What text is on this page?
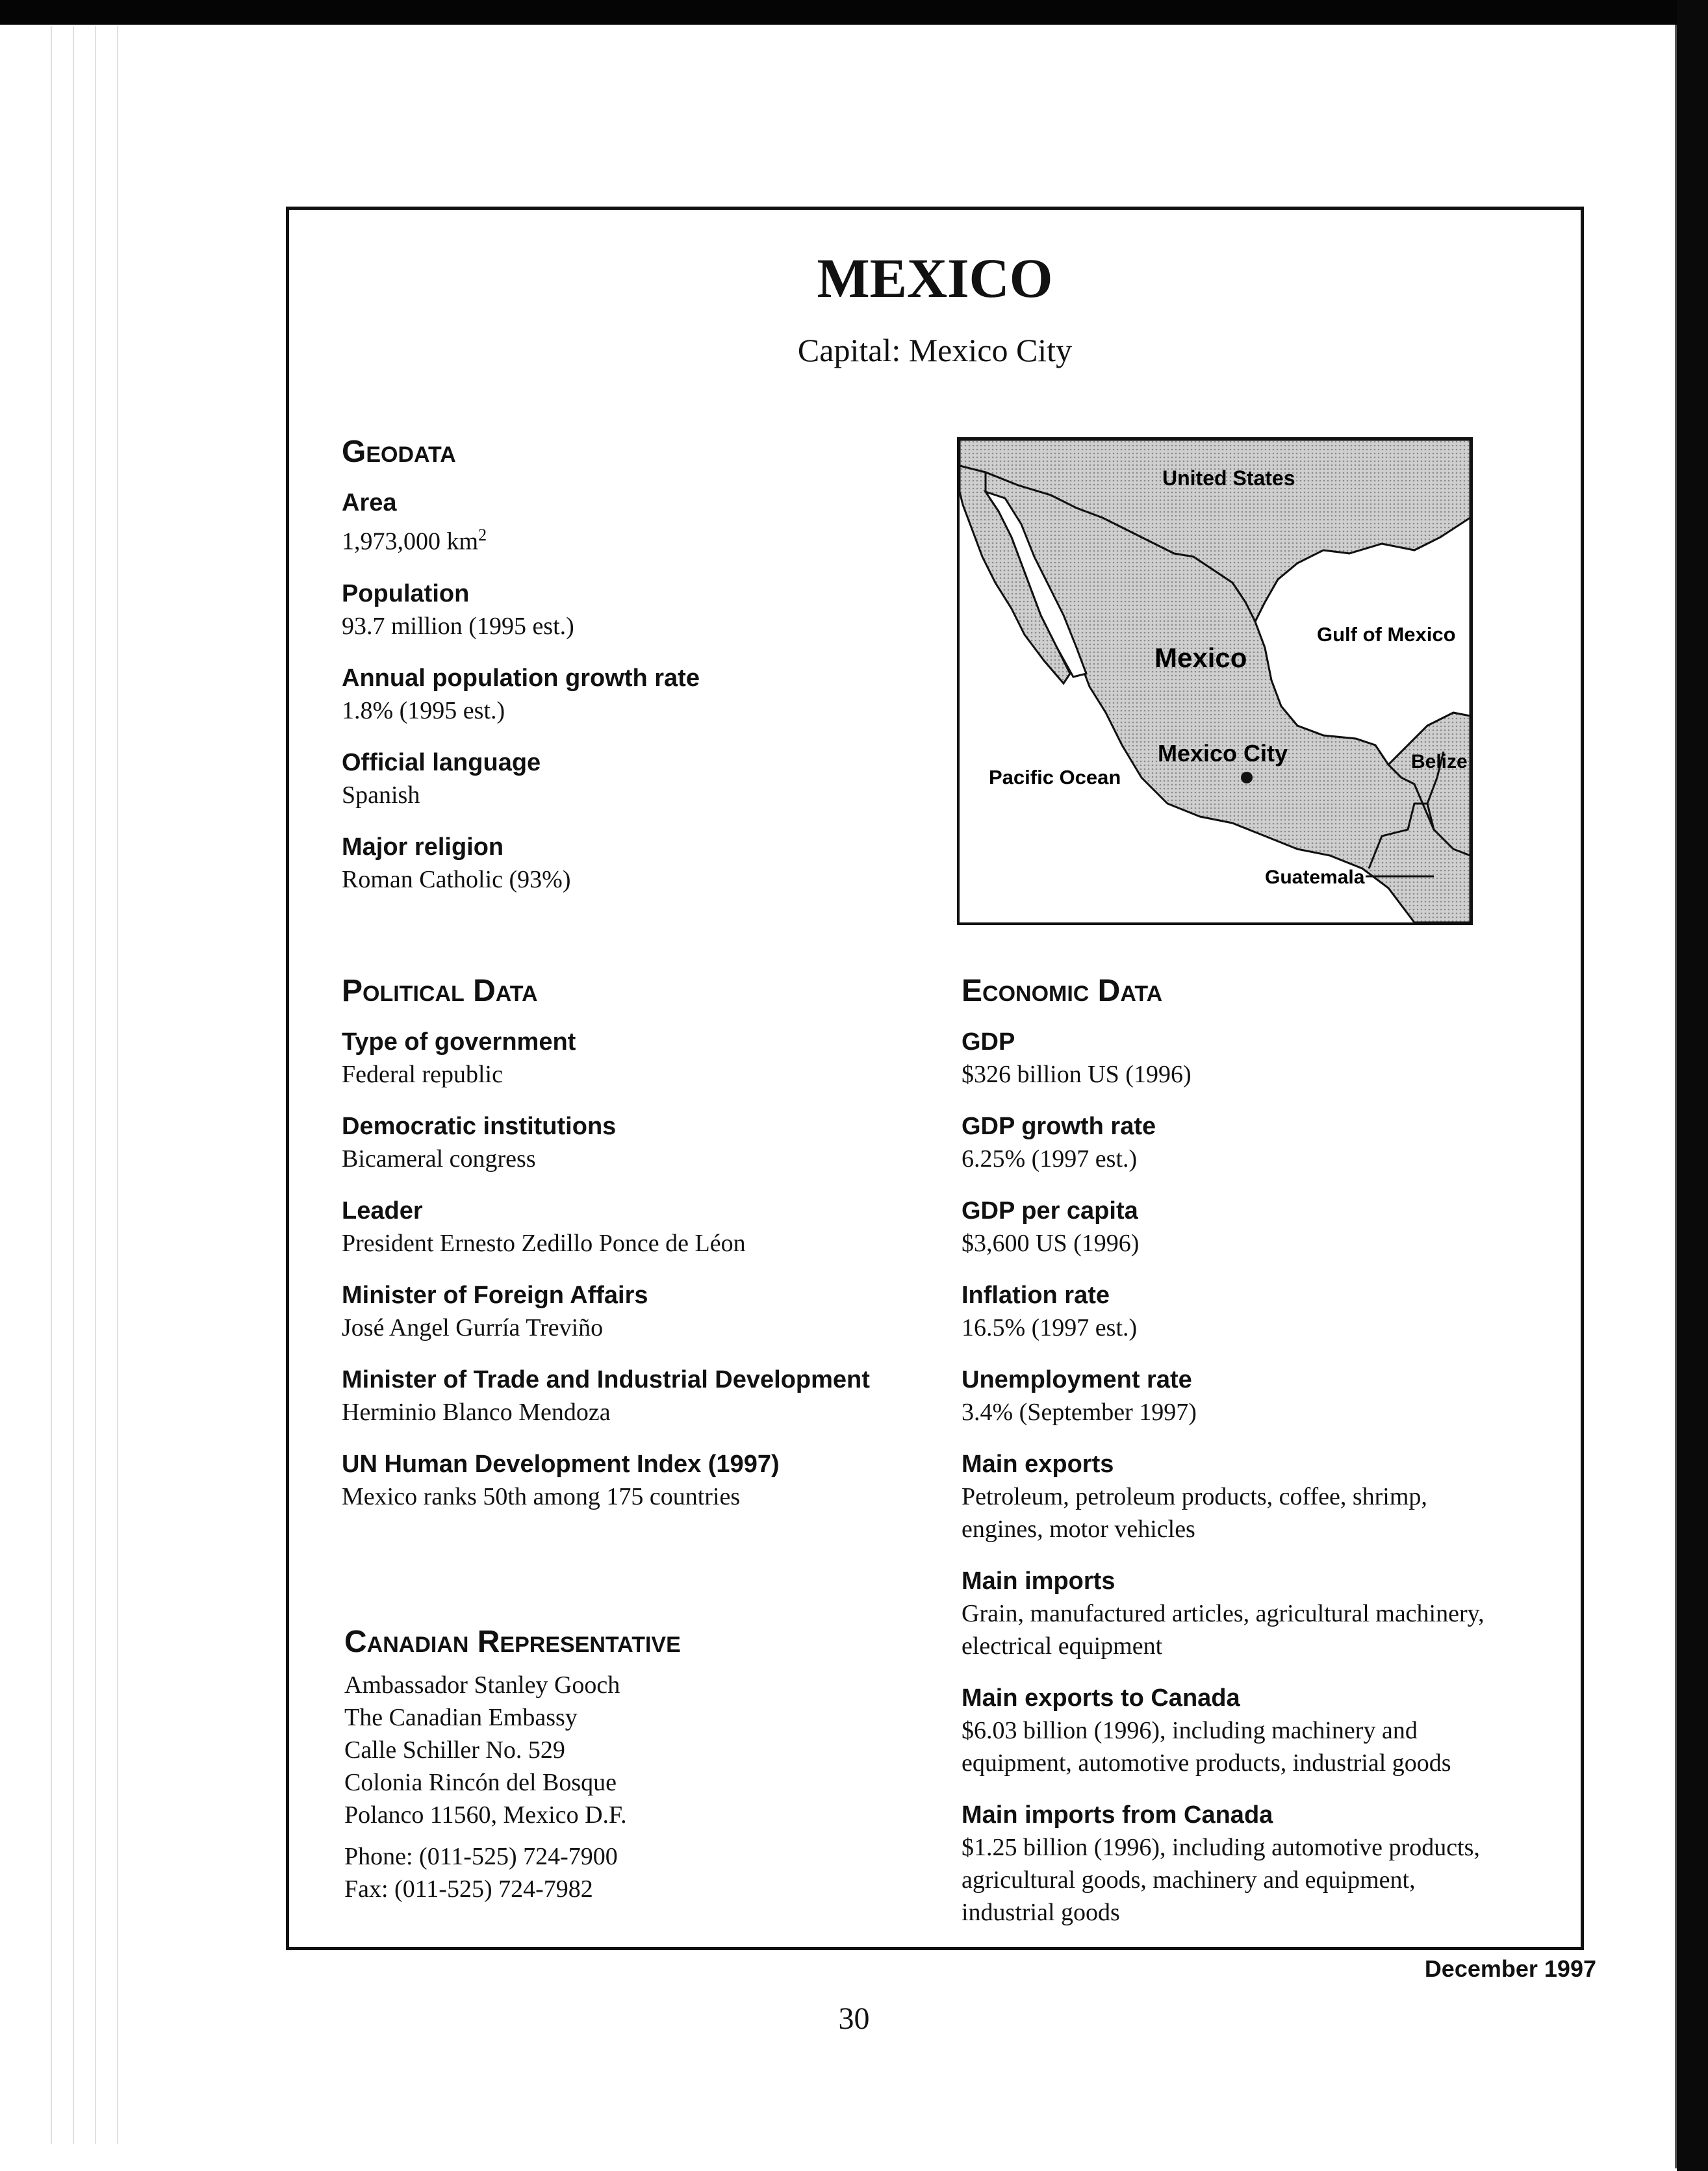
MEXICO
Capital: Mexico City
Geodata
Area
1,973,000 $km^2$
Population
93.7 million (1995 est.)
Annual population growth rate
1.8% (1995 est.)
Official language
Spanish
Major religion
Roman Catholic (93%)
United States
Gulf of Mexico
Mexico
Mexico City	Belize
Pacific Ocean
Guatemala
Political Data
Type of government
Federal republic
Democratic institutions
Bicameral congress
Leader
President Ernesto Zedillo Ponce de Léon
Minister of Foreign Affairs
José Angel Gurría Treviño
Minister of Trade and Industrial Development
Herminio Blanco Mendoza
UN Human Development Index (1997)
Mexico ranks 50th among 175 countries
Canadian Representative
Ambassador Stanley Gooch
The Canadian Embassy
Calle Schiller No. 529
Colonia Rincón del Bosque
Polanco 11560, Mexico D.F.
Phone: (011-525) 724-7900
Fax: (011-525) 724-7982
Economic Data
GDP
$326 billion US (1996)
GDP growth rate
6.25% (1997 est.)
GDP per capita
$3,600 US (1996)
Inflation rate
16.5% (1997 est.)
Unemployment rate
3.4% (September 1997)
Main exports
Petroleum, petroleum products, coffee, shrimp,
engines, motor vehicles
Main imports
Grain, manufactured articles, agricultural machinery,
electrical equipment
Main exports to Canada
$6.03 billion (1996), including machinery and
equipment, automotive products, industrial goods
Main imports from Canada
$1.25 billion (1996), including automotive products,
agricultural goods, machinery and equipment,
industrial goods
December 1997
30
